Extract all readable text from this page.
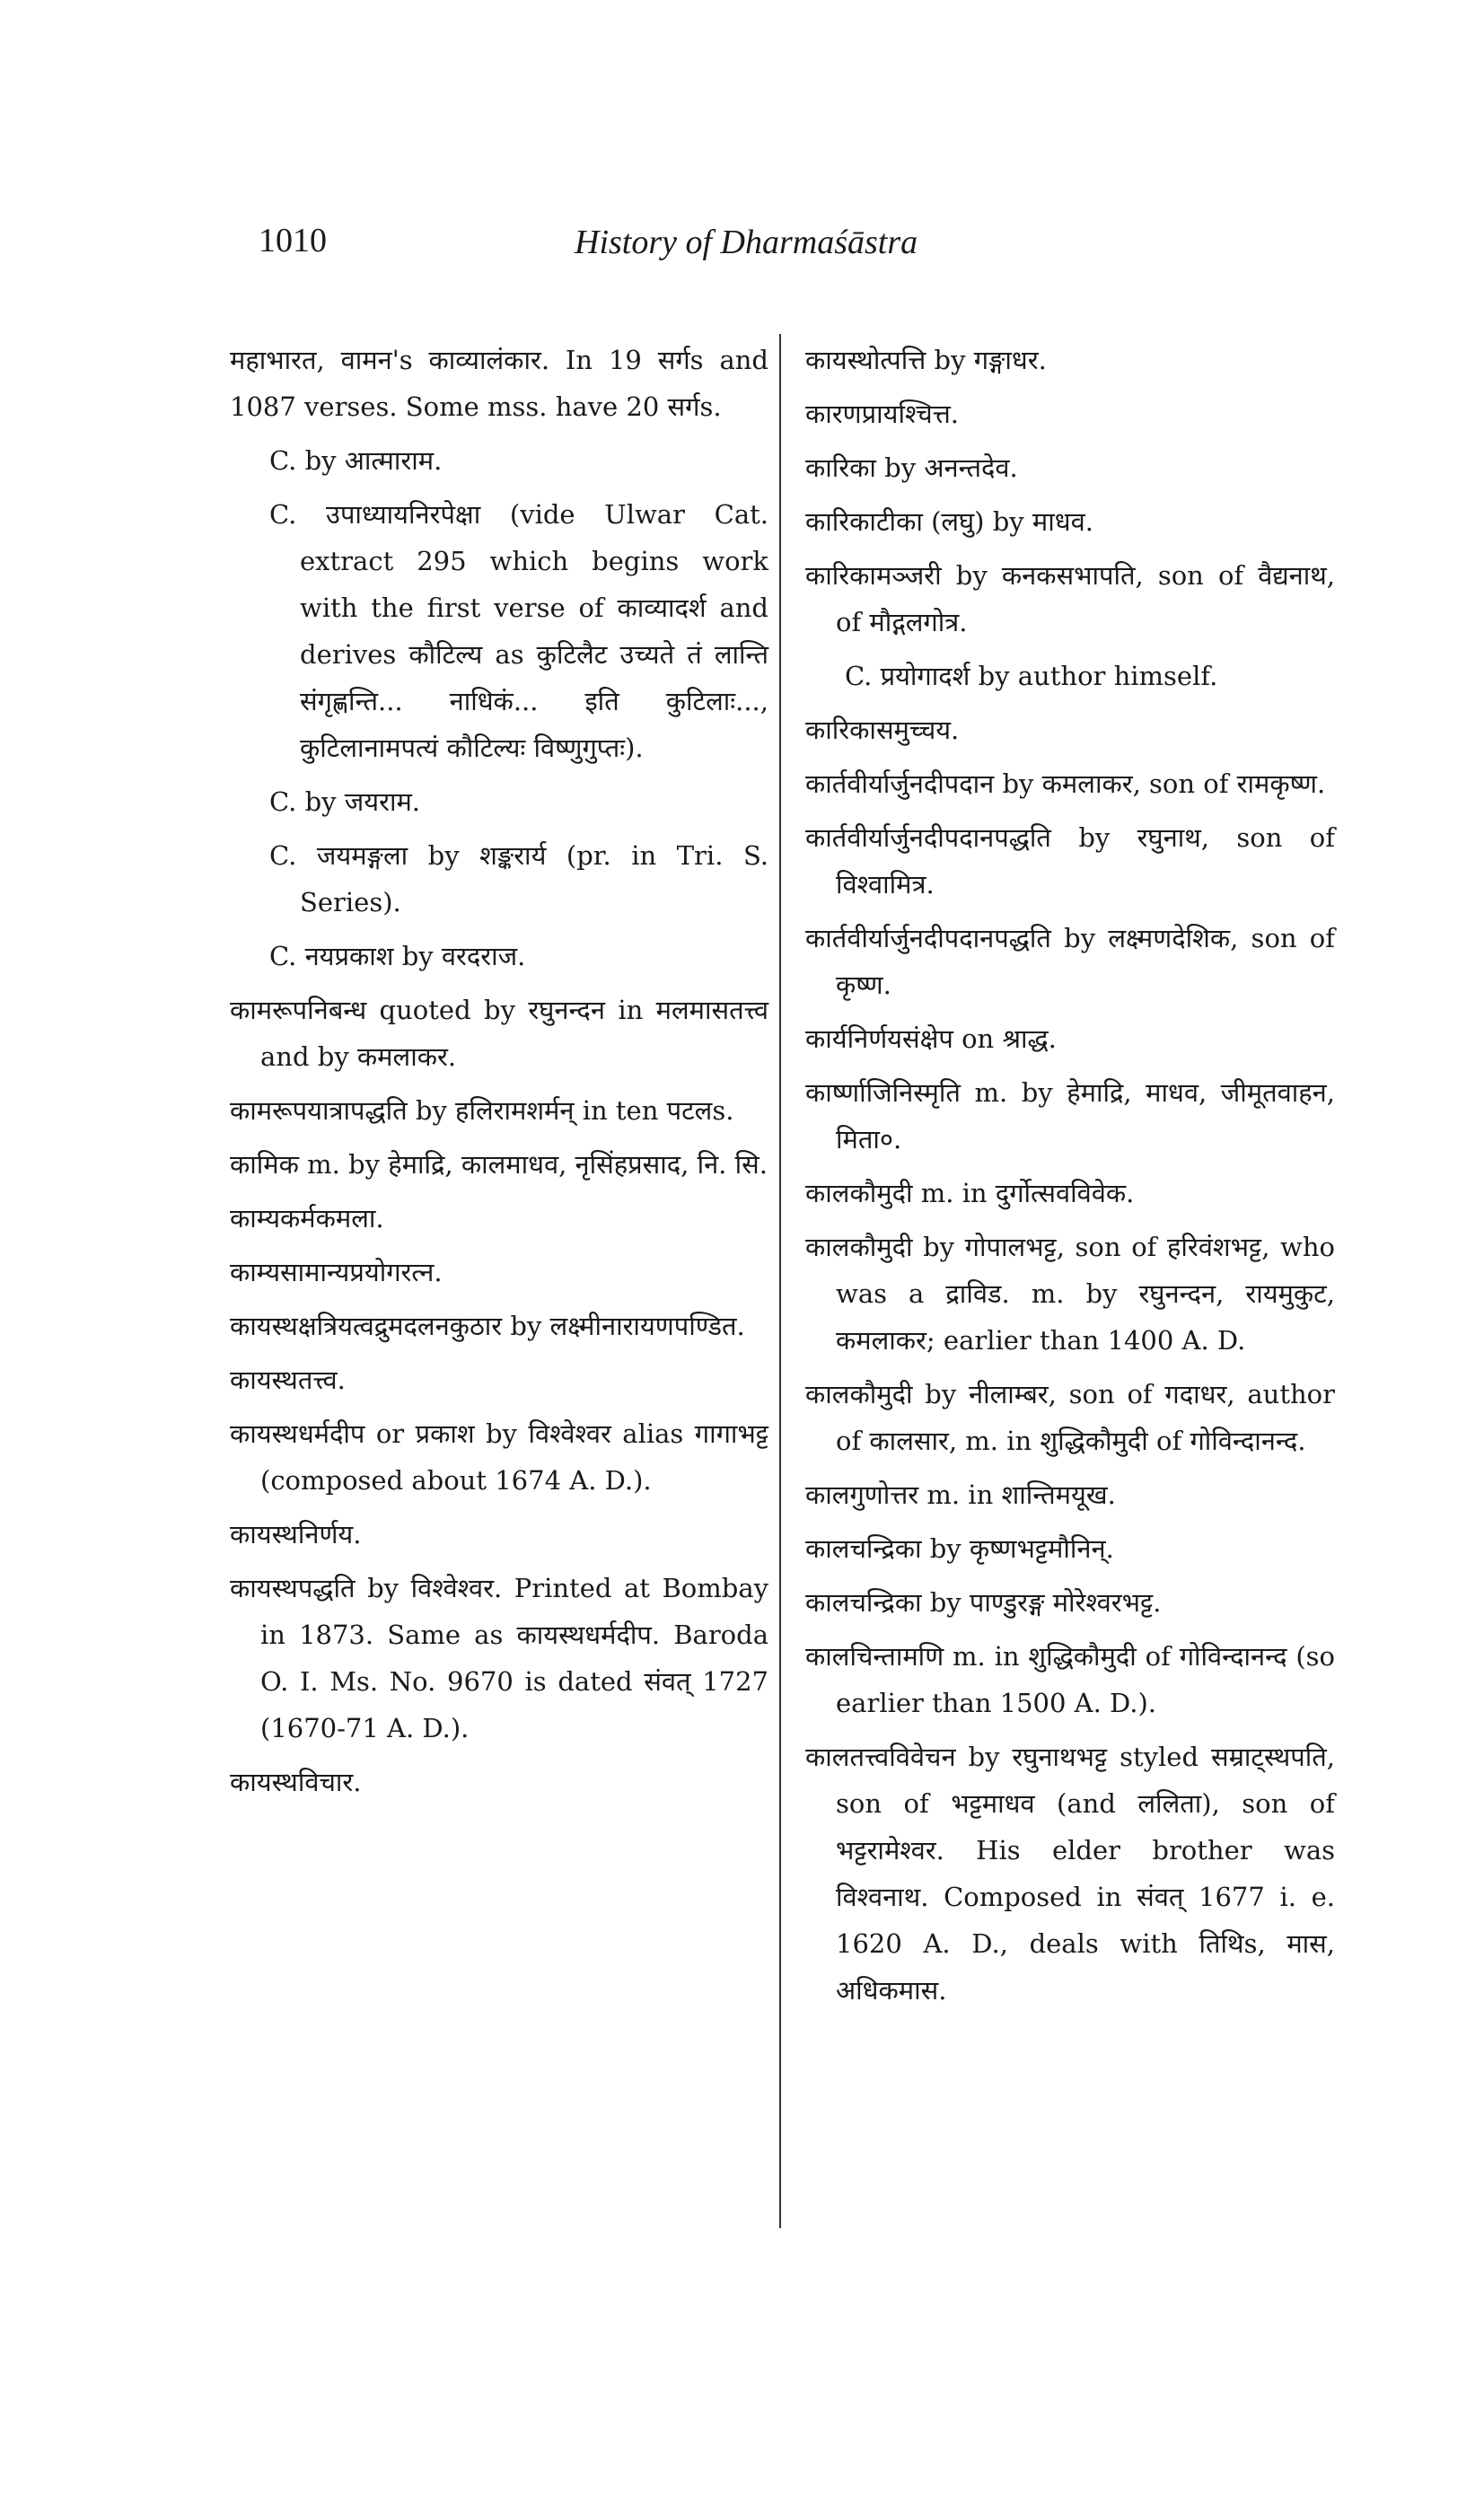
1010	History of Dharmaśāstra
महाभारत, वामन's काव्यालंकार. In 19 सर्गs and 1087 verses. Some mss. have 20 सर्गs.
C. by आत्माराम.
C. उपाध्यायनिरपेक्षा (vide Ulwar Cat. extract 295 which begins work with the first verse of काव्यादर्श and derives कौटिल्य as कुटिलैट उच्यते तं लान्ति संगृह्णन्ति... नाधिकं... इति कुटिलाः..., कुटिलानामपत्यं कौटिल्यः विष्णुगुप्तः).
C. by जयराम.
C. जयमङ्गला by शङ्करार्य (pr. in Tri. S. Series).
C. नयप्रकाश by वरदराज.
कामरूपनिबन्ध quoted by रघुनन्दन in मलमासतत्त्व and by कमलाकर.
कामरूपयात्रापद्धति by हलिरामशर्मन् in ten पटलs.
कामिक m. by हेमाद्रि, कालमाधव, नृसिंहप्रसाद, नि. सि.
काम्यकर्मकमला.
काम्यसामान्यप्रयोगरत्न.
कायस्थक्षत्रियत्वद्रुमदलनकुठार by लक्ष्मीनारायणपण्डित.
कायस्थतत्त्व.
कायस्थधर्मदीप or प्रकाश by विश्वेश्वर alias गागाभट्ट (composed about 1674 A. D.).
कायस्थनिर्णय.
कायस्थपद्धति by विश्वेश्वर. Printed at Bombay in 1873. Same as कायस्थधर्मदीप. Baroda O. I. Ms. No. 9670 is dated संवत् 1727 (1670-71 A. D.).
कायस्थविचार.
कायस्थोत्पत्ति by गङ्गाधर.
कारणप्रायश्चित्त.
कारिका by अनन्तदेव.
कारिकाटीका (लघु) by माधव.
कारिकामञ्जरी by कनकसभापति, son of वैद्यनाथ, of मौद्गलगोत्र.
C. प्रयोगादर्श by author himself.
कारिकासमुच्चय.
कार्तवीर्यार्जुनदीपदान by कमलाकर, son of रामकृष्ण.
कार्तवीर्यार्जुनदीपदानपद्धति by रघुनाथ, son of विश्वामित्र.
कार्तवीर्यार्जुनदीपदानपद्धति by लक्ष्मणदेशिक, son of कृष्ण.
कार्यनिर्णयसंक्षेप on श्राद्ध.
कार्ष्णाजिनिस्मृति m. by हेमाद्रि, माधव, जीमूतवाहन, मिता०.
कालकौमुदी m. in दुर्गोत्सवविवेक.
कालकौमुदी by गोपालभट्ट, son of हरिवंशभट्ट, who was a द्राविड. m. by रघुनन्दन, रायमुकुट, कमलाकर; earlier than 1400 A. D.
कालकौमुदी by नीलाम्बर, son of गदाधर, author of कालसार, m. in शुद्धिकौमुदी of गोविन्दानन्द.
कालगुणोत्तर m. in शान्तिमयूख.
कालचन्द्रिका by कृष्णभट्टमौनिन्.
कालचन्द्रिका by पाण्डुरङ्ग मोरेश्वरभट्ट.
कालचिन्तामणि m. in शुद्धिकौमुदी of गोविन्दानन्द (so earlier than 1500 A. D.).
कालतत्त्वविवेचन by रघुनाथभट्ट styled सम्राट्स्थपति, son of भट्टमाधव (and ललिता), son of भट्टरामेश्वर. His elder brother was विश्वनाथ. Composed in संवत् 1677 i. e. 1620 A. D., deals with तिथिs, मास, अधिकमास.
